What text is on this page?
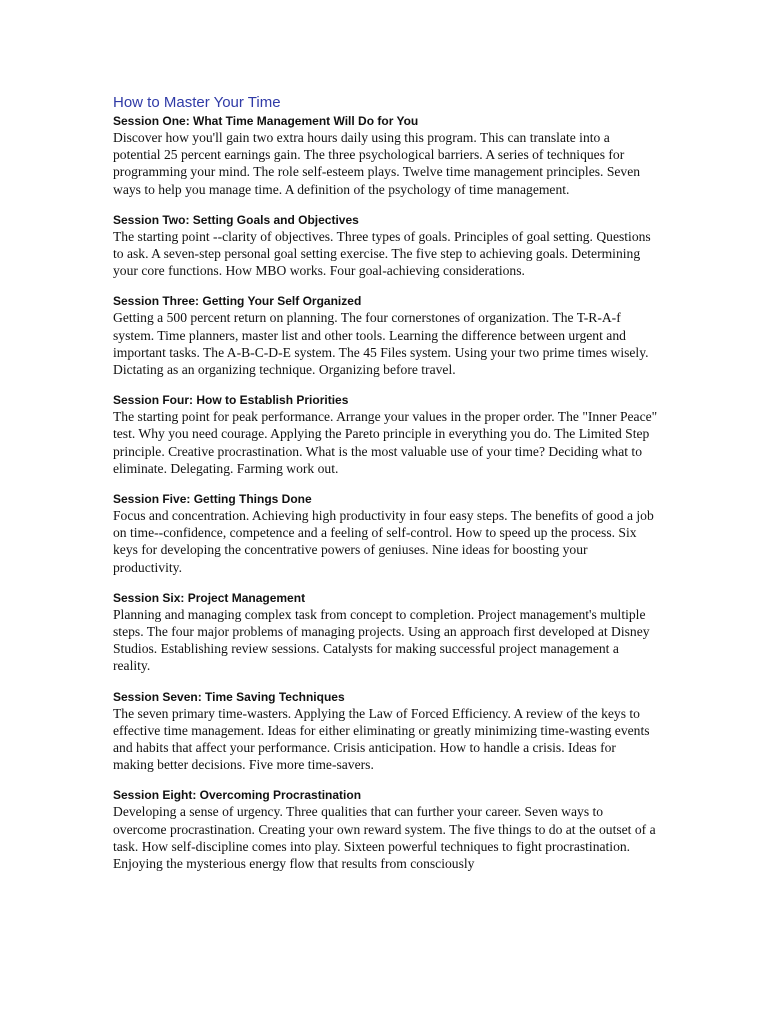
How to Master Your Time

Session One: What Time Management Will Do for You

Discover how you'll gain two extra hours daily using this program. This can translate into a potential 25 percent earnings gain. The three psychological barriers. A series of techniques for programming your mind. The role self-esteem plays. Twelve time management principles. Seven ways to help you manage time. A definition of the psychology of time management.

Session Two: Setting Goals and Objectives

The starting point --clarity of objectives. Three types of goals. Principles of goal setting. Questions to ask. A seven-step personal goal setting exercise. The five step to achieving goals. Determining your core functions. How MBO works. Four goal-achieving considerations.

Session Three: Getting Your Self Organized

Getting a 500 percent return on planning. The four cornerstones of organization. The T-R-A-f system. Time planners, master list and other tools. Learning the difference between urgent and important tasks. The A-B-C-D-E system. The 45 Files system. Using your two prime times wisely. Dictating as an organizing technique. Organizing before travel.

Session Four: How to Establish Priorities

The starting point for peak performance. Arrange your values in the proper order. The "Inner Peace" test. Why you need courage. Applying the Pareto principle in everything you do. The Limited Step principle. Creative procrastination. What is the most valuable use of your time? Deciding what to eliminate. Delegating. Farming work out.

Session Five: Getting Things Done

Focus and concentration. Achieving high productivity in four easy steps. The benefits of good a job on time--confidence, competence and a feeling of self-control. How to speed up the process. Six keys for developing the concentrative powers of geniuses. Nine ideas for boosting your productivity.

Session Six: Project Management

Planning and managing complex task from concept to completion. Project management's multiple steps. The four major problems of managing projects. Using an approach first developed at Disney Studios. Establishing review sessions. Catalysts for making successful project management a reality.

Session Seven: Time Saving Techniques

The seven primary time-wasters. Applying the Law of Forced Efficiency. A review of the keys to effective time management. Ideas for either eliminating or greatly minimizing time-wasting events and habits that affect your performance. Crisis anticipation. How to handle a crisis. Ideas for making better decisions. Five more time-savers.

Session Eight: Overcoming Procrastination

Developing a sense of urgency. Three qualities that can further your career. Seven ways to overcome procrastination. Creating your own reward system. The five things to do at the outset of a task. How self-discipline comes into play. Sixteen powerful techniques to fight procrastination. Enjoying the mysterious energy flow that results from consciously
